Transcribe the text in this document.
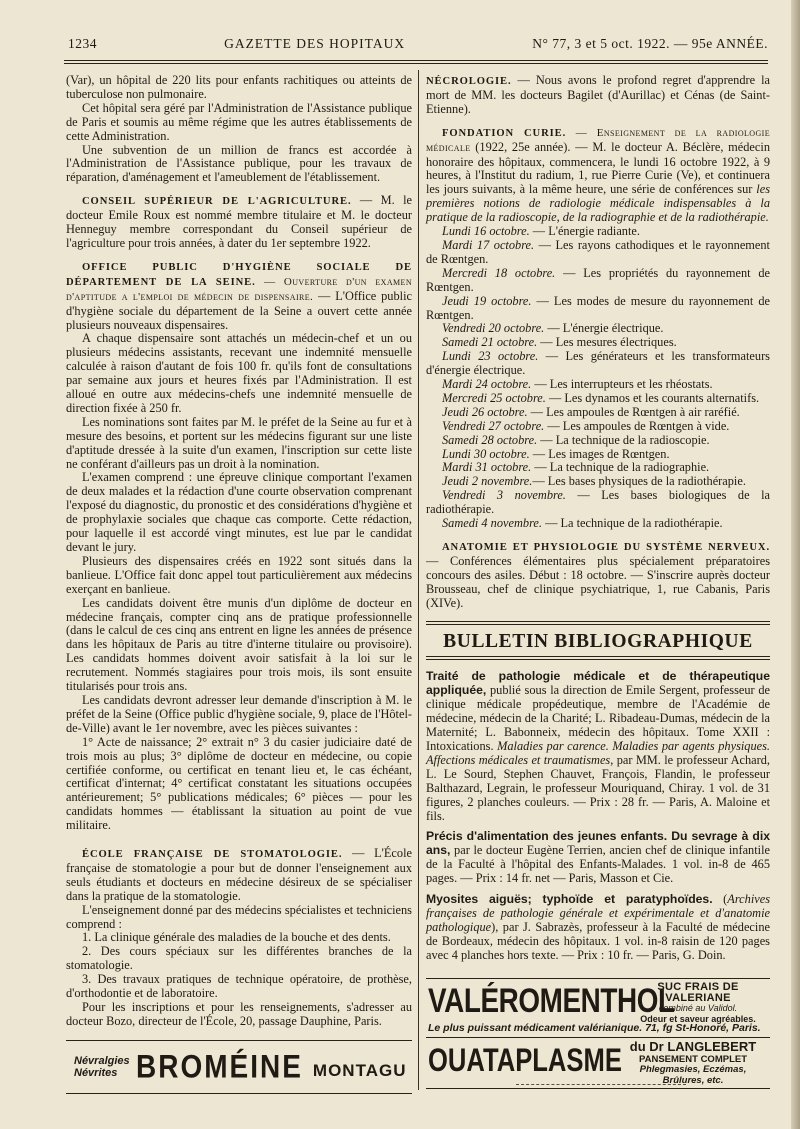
1234	GAZETTE DES HOPITAUX	N° 77, 3 et 5 oct. 1922. — 95e ANNÉE.

(Var), un hôpital de 220 lits pour enfants rachitiques ou atteints de tuberculose non pulmonaire.

Cet hôpital sera géré par l'Administration de l'Assistance publique de Paris et soumis au même régime que les autres établissements de cette Administration.

Une subvention de un million de francs est accordée à l'Administration de l'Assistance publique, pour les travaux de réparation, d'aménagement et l'ameublement de l'établissement.

CONSEIL SUPÉRIEUR DE L'AGRICULTURE. — M. le docteur Emile Roux est nommé membre titulaire et M. le docteur Henneguy membre correspondant du Conseil supérieur de l'agriculture pour trois années, à dater du 1er septembre 1922.

OFFICE PUBLIC D'HYGIÈNE SOCIALE DE DÉPARTEMENT DE LA SEINE. — Ouverture d'un examen d'aptitude a l'emploi de médecin de dispensaire. — L'Office public d'hygiène sociale du département de la Seine a ouvert cette année plusieurs nouveaux dispensaires.

A chaque dispensaire sont attachés un médecin-chef et un ou plusieurs médecins assistants, recevant une indemnité mensuelle calculée à raison d'autant de fois 100 fr. qu'ils font de consultations par semaine aux jours et heures fixés par l'Administration. Il est alloué en outre aux médecins-chefs une indemnité mensuelle de direction fixée à 250 fr.

Les nominations sont faites par M. le préfet de la Seine au fur et à mesure des besoins, et portent sur les médecins figurant sur une liste d'aptitude dressée à la suite d'un examen, l'inscription sur cette liste ne conférant d'ailleurs pas un droit à la nomination.

L'examen comprend : une épreuve clinique comportant l'examen de deux malades et la rédaction d'une courte observation comprenant l'exposé du diagnostic, du pronostic et des considérations d'hygiène et de prophylaxie sociales que chaque cas comporte. Cette rédaction, pour laquelle il est accordé vingt minutes, est lue par le candidat devant le jury.

Plusieurs des dispensaires créés en 1922 sont situés dans la banlieue. L'Office fait donc appel tout particulièrement aux médecins exerçant en banlieue.

Les candidats doivent être munis d'un diplôme de docteur en médecine français, compter cinq ans de pratique professionnelle (dans le calcul de ces cinq ans entrent en ligne les années de présence dans les hôpitaux de Paris au titre d'interne titulaire ou provisoire). Les candidats hommes doivent avoir satisfait à la loi sur le recrutement. Nommés stagiaires pour trois mois, ils sont ensuite titularisés pour trois ans.

Les candidats devront adresser leur demande d'inscription à M. le préfet de la Seine (Office public d'hygiène sociale, 9, place de l'Hôtel-de-Ville) avant le 1er novembre, avec les pièces suivantes :

1° Acte de naissance; 2° extrait n° 3 du casier judiciaire daté de trois mois au plus; 3° diplôme de docteur en médecine, ou copie certifiée conforme, ou certificat en tenant lieu et, le cas échéant, certificat d'internat; 4° certificat constatant les situations occupées antérieurement; 5° publications médicales; 6° pièces — pour les candidats hommes — établissant la situation au point de vue militaire.

ÉCOLE FRANÇAISE DE STOMATOLOGIE. — L'École française de stomatologie a pour but de donner l'enseignement aux seuls étudiants et docteurs en médecine désireux de se spécialiser dans la pratique de la stomatologie.

L'enseignement donné par des médecins spécialistes et techniciens comprend :

1. La clinique générale des maladies de la bouche et des dents.

2. Des cours spéciaux sur les différentes branches de la stomatologie.

3. Des travaux pratiques de technique opératoire, de prothèse, d'orthodontie et de laboratoire.

Pour les inscriptions et pour les renseignements, s'adresser au docteur Bozo, directeur de l'École, 20, passage Dauphine, Paris.

NÉCROLOGIE. — Nous avons le profond regret d'apprendre la mort de MM. les docteurs Bagilet (d'Aurillac) et Cénas (de Saint-Etienne).

FONDATION CURIE. — Enseignement de la radiologie médicale (1922, 25e année). — M. le docteur A. Béclère, médecin honoraire des hôpitaux, commencera, le lundi 16 octobre 1922, à 9 heures, à l'Institut du radium, 1, rue Pierre Curie (Ve), et continuera les jours suivants, à la même heure, une série de conférences sur les premières notions de radiologie médicale indispensables à la pratique de la radioscopie, de la radiographie et de la radiothérapie.

Lundi 16 octobre. — L'énergie radiante.

Mardi 17 octobre. — Les rayons cathodiques et le rayonnement de Rœntgen.

Mercredi 18 octobre. — Les propriétés du rayonnement de Rœntgen.

Jeudi 19 octobre. — Les modes de mesure du rayonnement de Rœntgen.

Vendredi 20 octobre. — L'énergie électrique.

Samedi 21 octobre. — Les mesures électriques.

Lundi 23 octobre. — Les générateurs et les transformateurs d'énergie électrique.

Mardi 24 octobre. — Les interrupteurs et les rhéostats.

Mercredi 25 octobre. — Les dynamos et les courants alternatifs.

Jeudi 26 octobre. — Les ampoules de Rœntgen à air raréfié.

Vendredi 27 octobre. — Les ampoules de Rœntgen à vide.

Samedi 28 octobre. — La technique de la radioscopie.

Lundi 30 octobre. — Les images de Rœntgen.

Mardi 31 octobre. — La technique de la radiographie.

Jeudi 2 novembre.— Les bases physiques de la radiothérapie.

Vendredi 3 novembre. — Les bases biologiques de la radiothérapie.

Samedi 4 novembre. — La technique de la radiothérapie.

ANATOMIE ET PHYSIOLOGIE DU SYSTÈME NERVEUX. — Conférences élémentaires plus spécialement préparatoires concours des asiles. Début : 18 octobre. — S'inscrire auprès docteur Brousseau, chef de clinique psychiatrique, 1, rue Cabanis, Paris (XIVe).

BULLETIN BIBLIOGRAPHIQUE

Traité de pathologie médicale et de thérapeutique appliquée, publié sous la direction de Emile Sergent, professeur de clinique médicale propédeutique, membre de l'Académie de médecine, médecin de la Charité; L. Ribadeau-Dumas, médecin de la Maternité; L. Babonneix, médecin des hôpitaux. Tome XXII : Intoxications. Maladies par carence. Maladies par agents physiques. Affections médicales et traumatismes, par MM. le professeur Achard, L. Le Sourd, Stephen Chauvet, François, Flandin, le professeur Balthazard, Legrain, le professeur Mouriquand, Chiray. 1 vol. de 31 figures, 2 planches couleurs. — Prix : 28 fr. — Paris, A. Maloine et fils.

Précis d'alimentation des jeunes enfants. Du sevrage à dix ans, par le docteur Eugène Terrien, ancien chef de clinique infantile de la Faculté à l'hôpital des Enfants-Malades. 1 vol. in-8 de 465 pages. — Prix : 14 fr. net — Paris, Masson et Cie.

Myosites aiguës; typhoïde et paratyphoïdes. (Archives françaises de pathologie générale et expérimentale et d'anatomie pathologique), par J. Sabrazès, professeur à la Faculté de médecine de Bordeaux, médecin des hôpitaux. 1 vol. in-8 raisin de 120 pages avec 4 planches hors texte. — Prix : 10 fr. — Paris, G. Doin.

Névralgies
Névrites BROMÉINE MONTAGU
VALÉROMENTHOL
SUC FRAIS DE VALERIANE
combiné au Validol.
Odeur et saveur agréables.
Le plus puissant médicament valérianique. 71, fg St-Honoré, Paris.
OUATAPLASME du Dr LANGLEBERT
PANSEMENT COMPLET
Phlegmasies, Eczémas, Brûlures, etc.
